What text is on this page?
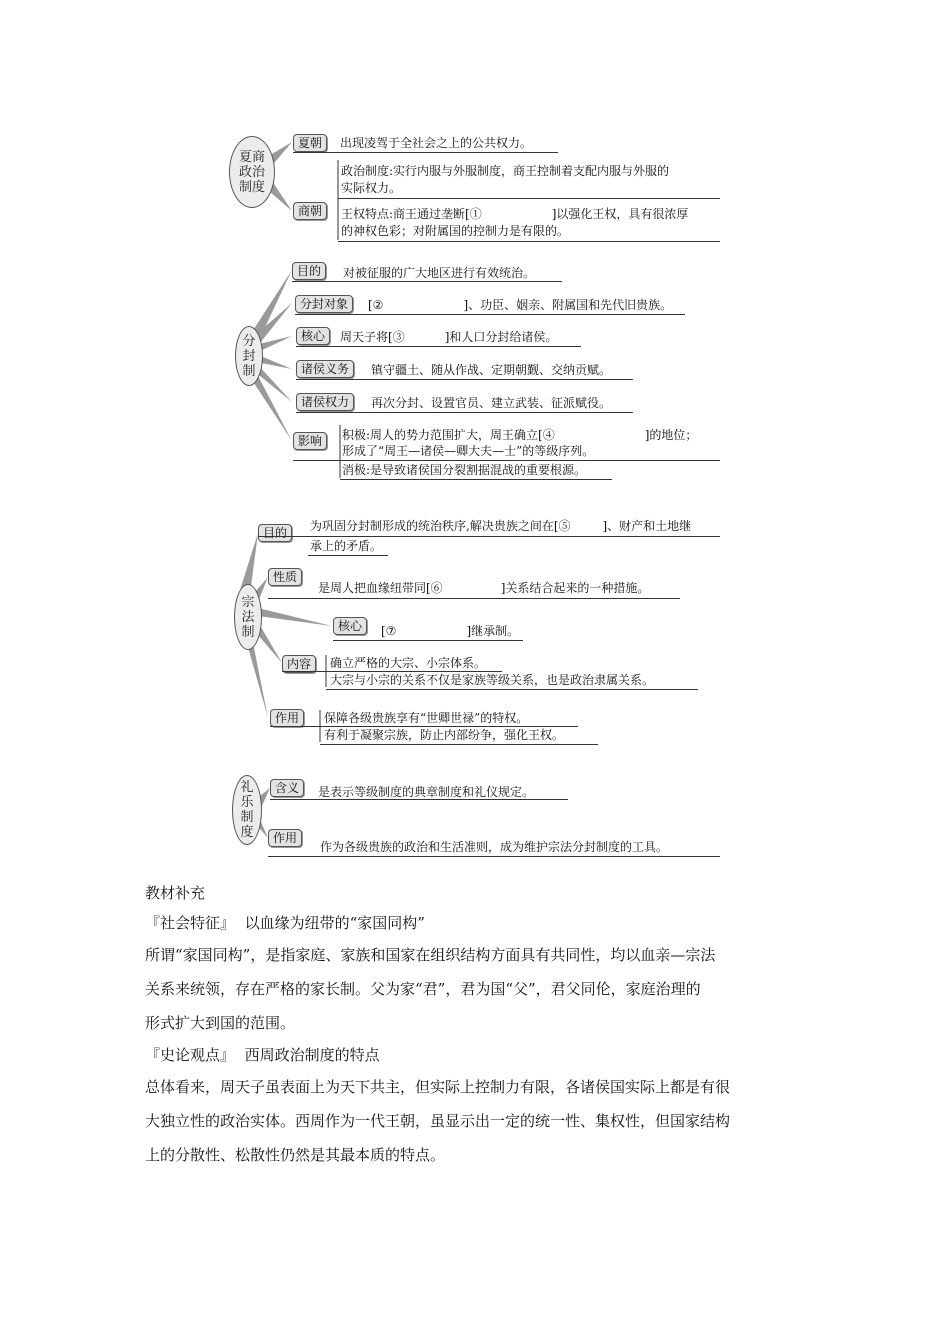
夏商政治制度
夏朝	出现凌驾于全社会之上的公共权力。
政治制度:实行内服与外服制度，商王控制着支配内服与外服的
实际权力。
商朝	王权特点:商王通过垄断[①	]以强化王权，具有很浓厚
的神权色彩；对附属国的控制力是有限的。
分封制
目的	对被征服的广大地区进行有效统治。
分封对象	[②	]、功臣、姻亲、附属国和先代旧贵族。
核心	周天子将[③	]和人口分封给诸侯。
诸侯义务	镇守疆土、随从作战、定期朝觐、交纳贡赋。
诸侯权力	再次分封、设置官员、建立武装、征派赋役。
影响	积极:周人的势力范围扩大，周王确立[④	]的地位；
形成了“周王—诸侯—卿大夫—士”的等级序列。
消极:是导致诸侯国分裂割据混战的重要根源。
宗法制
目的	为巩固分封制形成的统治秩序,解决贵族之间在[⑤	]、财产和土地继
承上的矛盾。
性质
是周人把血缘纽带同[⑥	]关系结合起来的一种措施。
核心	[⑦	]继承制。
内容	确立严格的大宗、小宗体系。
大宗与小宗的关系不仅是家族等级关系，也是政治隶属关系。
作用	保障各级贵族享有“世卿世禄”的特权。
有利于凝聚宗族，防止内部纷争，强化王权。
礼乐制度
含义	是表示等级制度的典章制度和礼仪规定。
作用
作为各级贵族的政治和生活准则，成为维护宗法分封制度的工具。

教材补充

『社会特征』 以血缘为纽带的“家国同构”

所谓“家国同构”，是指家庭、家族和国家在组织结构方面具有共同性，均以血亲—宗法

关系来统领，存在严格的家长制。父为家“君”，君为国“父”，君父同伦，家庭治理的

形式扩大到国的范围。

『史论观点』 西周政治制度的特点

总体看来，周天子虽表面上为天下共主，但实际上控制力有限，各诸侯国实际上都是有很

大独立性的政治实体。西周作为一代王朝，虽显示出一定的统一性、集权性，但国家结构

上的分散性、松散性仍然是其最本质的特点。
